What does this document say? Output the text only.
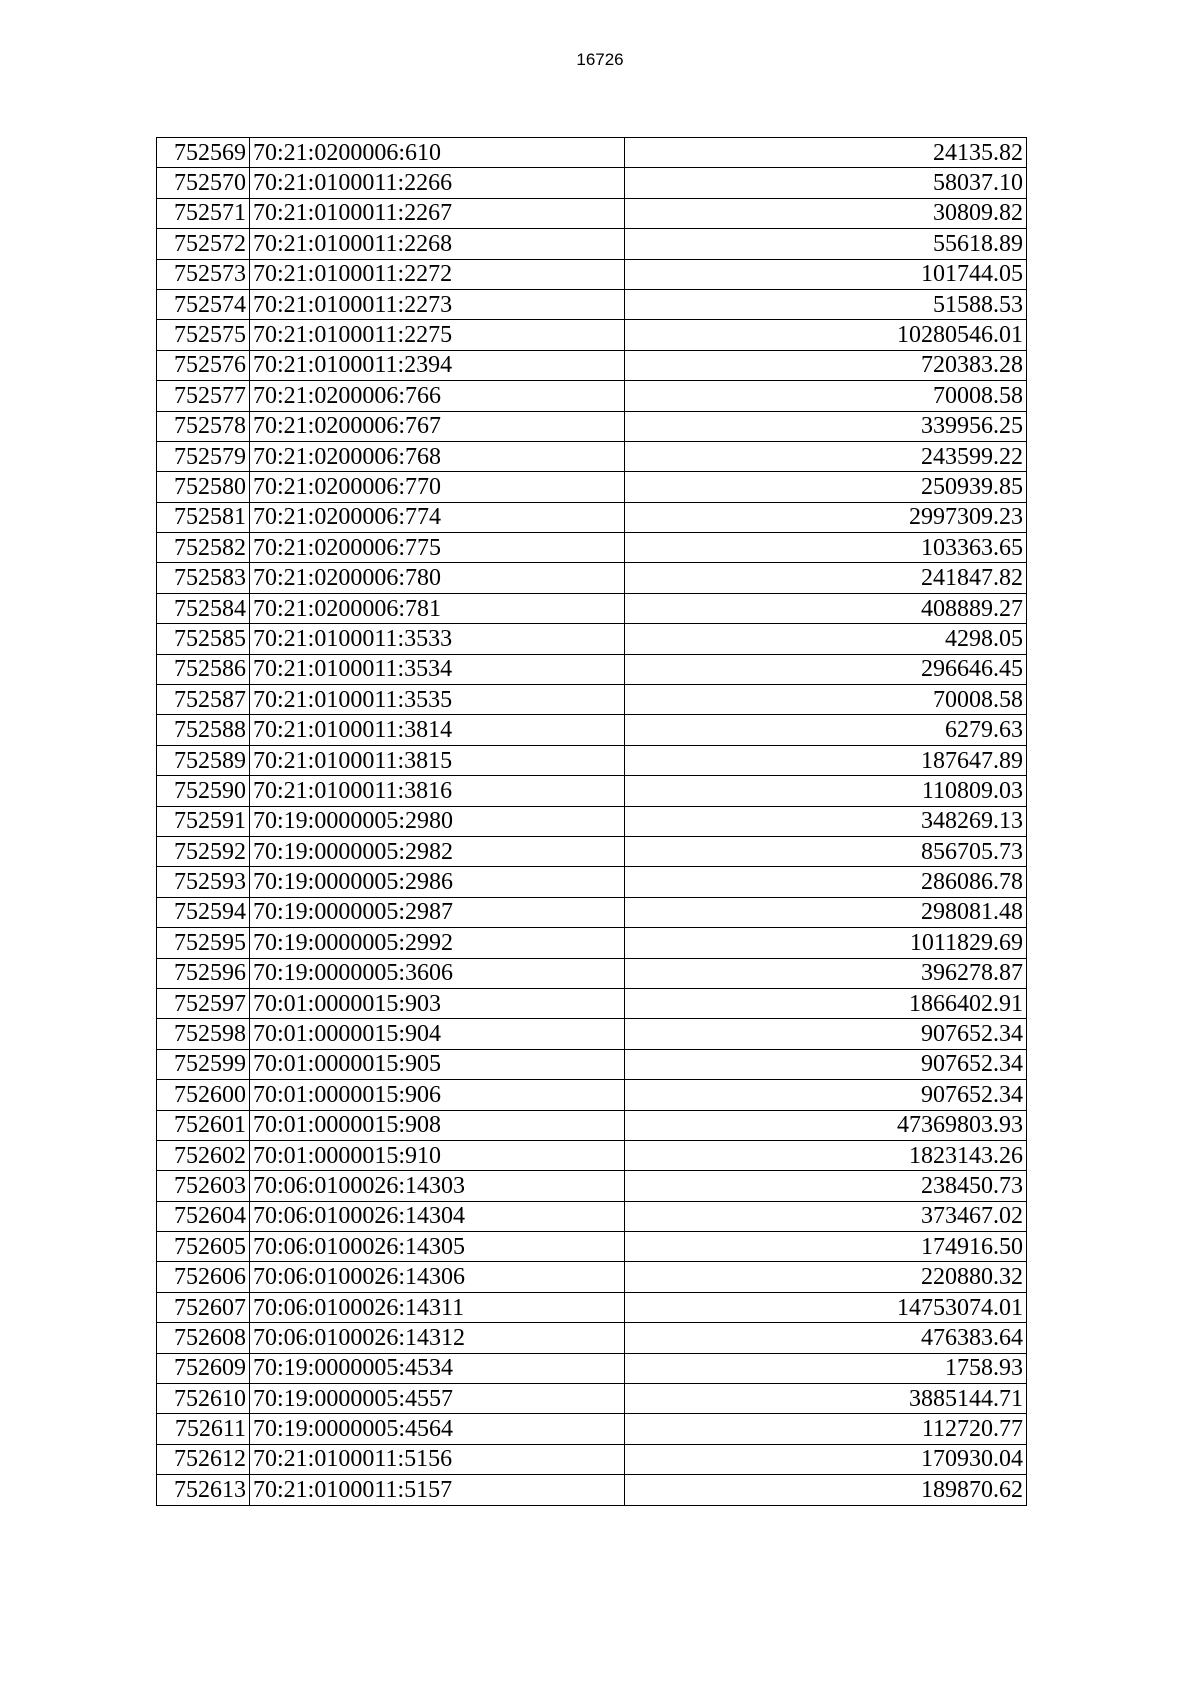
16726
752569	70:21:0200006:610	24135.82
752570	70:21:0100011:2266	58037.10
752571	70:21:0100011:2267	30809.82
752572	70:21:0100011:2268	55618.89
752573	70:21:0100011:2272	101744.05
752574	70:21:0100011:2273	51588.53
752575	70:21:0100011:2275	10280546.01
752576	70:21:0100011:2394	720383.28
752577	70:21:0200006:766	70008.58
752578	70:21:0200006:767	339956.25
752579	70:21:0200006:768	243599.22
752580	70:21:0200006:770	250939.85
752581	70:21:0200006:774	2997309.23
752582	70:21:0200006:775	103363.65
752583	70:21:0200006:780	241847.82
752584	70:21:0200006:781	408889.27
752585	70:21:0100011:3533	4298.05
752586	70:21:0100011:3534	296646.45
752587	70:21:0100011:3535	70008.58
752588	70:21:0100011:3814	6279.63
752589	70:21:0100011:3815	187647.89
752590	70:21:0100011:3816	110809.03
752591	70:19:0000005:2980	348269.13
752592	70:19:0000005:2982	856705.73
752593	70:19:0000005:2986	286086.78
752594	70:19:0000005:2987	298081.48
752595	70:19:0000005:2992	1011829.69
752596	70:19:0000005:3606	396278.87
752597	70:01:0000015:903	1866402.91
752598	70:01:0000015:904	907652.34
752599	70:01:0000015:905	907652.34
752600	70:01:0000015:906	907652.34
752601	70:01:0000015:908	47369803.93
752602	70:01:0000015:910	1823143.26
752603	70:06:0100026:14303	238450.73
752604	70:06:0100026:14304	373467.02
752605	70:06:0100026:14305	174916.50
752606	70:06:0100026:14306	220880.32
752607	70:06:0100026:14311	14753074.01
752608	70:06:0100026:14312	476383.64
752609	70:19:0000005:4534	1758.93
752610	70:19:0000005:4557	3885144.71
752611	70:19:0000005:4564	112720.77
752612	70:21:0100011:5156	170930.04
752613	70:21:0100011:5157	189870.62
